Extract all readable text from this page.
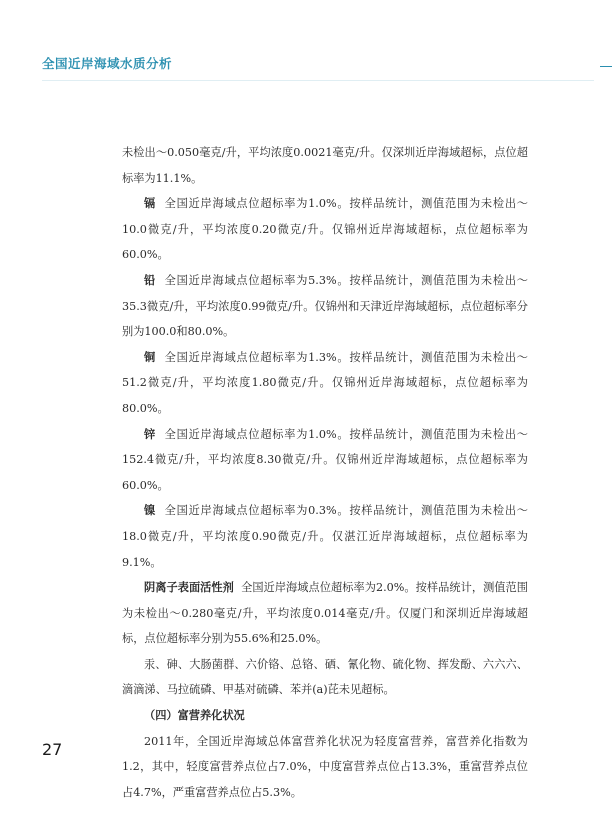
全国近岸海域水质分析

未检出～0.050毫克/升，平均浓度0.0021毫克/升。仅深圳近岸海域超标，点位超标率为11.1%。

镉 全国近岸海域点位超标率为1.0%。按样品统计，测值范围为未检出～10.0微克/升，平均浓度0.20微克/升。仅锦州近岸海域超标，点位超标率为60.0%。

铅 全国近岸海域点位超标率为5.3%。按样品统计，测值范围为未检出～35.3微克/升，平均浓度0.99微克/升。仅锦州和天津近岸海域超标，点位超标率分别为100.0和80.0%。

铜 全国近岸海域点位超标率为1.3%。按样品统计，测值范围为未检出～51.2微克/升，平均浓度1.80微克/升。仅锦州近岸海域超标，点位超标率为80.0%。

锌 全国近岸海域点位超标率为1.0%。按样品统计，测值范围为未检出～152.4微克/升，平均浓度8.30微克/升。仅锦州近岸海域超标，点位超标率为60.0%。

镍 全国近岸海域点位超标率为0.3%。按样品统计，测值范围为未检出～18.0微克/升，平均浓度0.90微克/升。仅湛江近岸海域超标，点位超标率为9.1%。

阴离子表面活性剂 全国近岸海域点位超标率为2.0%。按样品统计，测值范围为未检出～0.280毫克/升，平均浓度0.014毫克/升。仅厦门和深圳近岸海域超标，点位超标率分别为55.6%和25.0%。

汞、砷、大肠菌群、六价铬、总铬、硒、氰化物、硫化物、挥发酚、六六六、滴滴涕、马拉硫磷、甲基对硫磷、苯并(a)芘未见超标。

（四）富营养化状况

2011年，全国近岸海域总体富营养化状况为轻度富营养，富营养化指数为1.2，其中，轻度富营养点位占7.0%，中度富营养点位占13.3%，重富营养点位占4.7%，严重富营养点位占5.3%。

27
